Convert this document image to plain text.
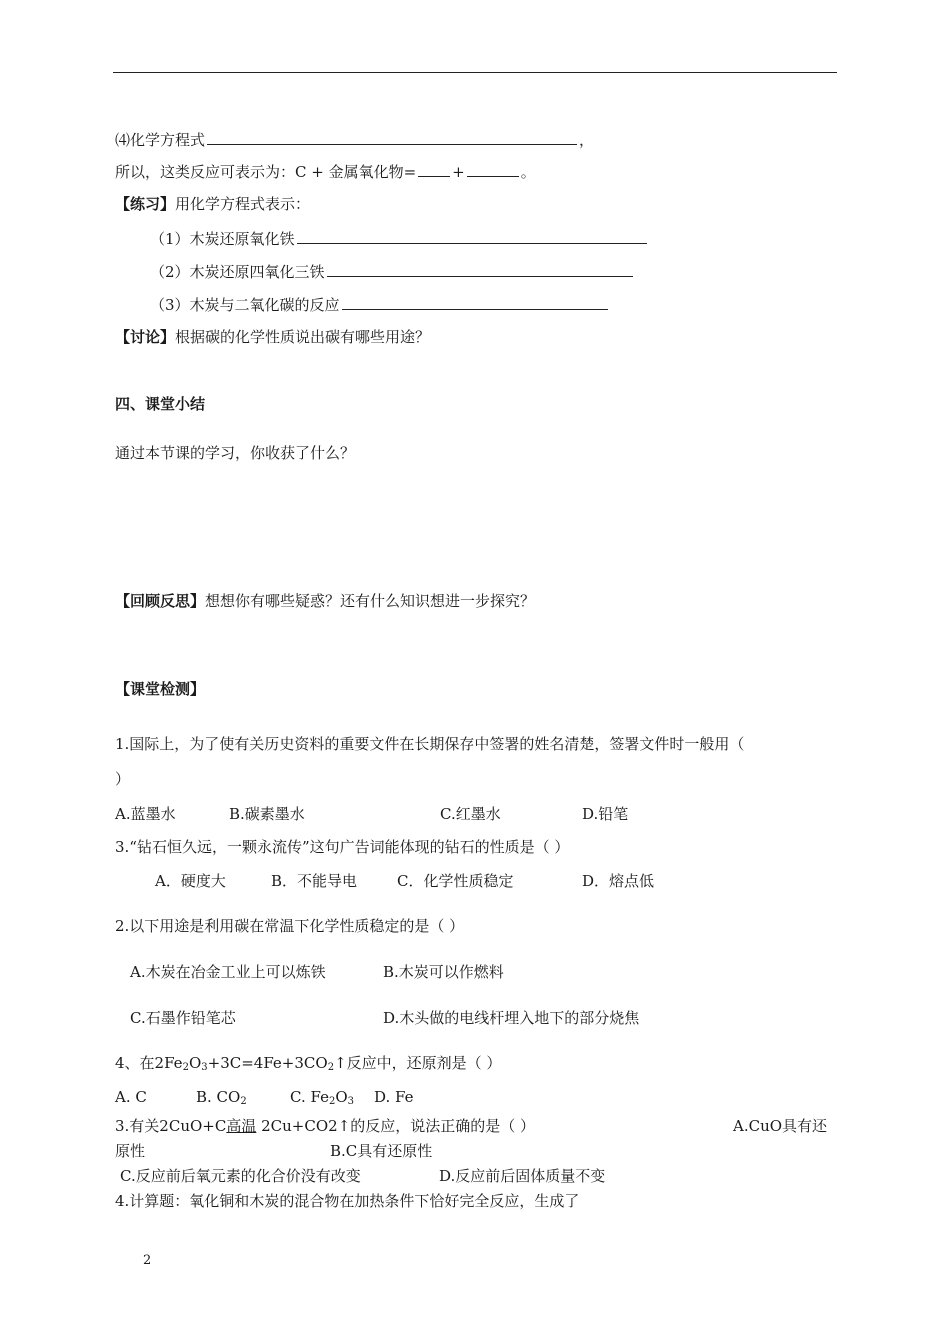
⑷化学方程式	，
所以，这类反应可表示为：C + 金属氧化物= +	。
【练习】用化学方程式表示：
（1）木炭还原氧化铁
（2）木炭还原四氧化三铁
（3）木炭与二氧化碳的反应
【讨论】根据碳的化学性质说出碳有哪些用途？
四、课堂小结
通过本节课的学习，你收获了什么？
【回顾反思】想想你有哪些疑惑？还有什么知识想进一步探究？
【课堂检测】
1.国际上，为了使有关历史资料的重要文件在长期保存中签署的姓名清楚，签署文件时一般用（
）
A.蓝墨水	B.碳素墨水	C.红墨水	D.铅笔
3.“钻石恒久远，一颗永流传”这句广告词能体现的钻石的性质是（ ）
A．硬度大	B．不能导电	C．化学性质稳定	D．熔点低
2.以下用途是利用碳在常温下化学性质稳定的是（ ）
A.木炭在冶金工业上可以炼铁	B.木炭可以作燃料
C.石墨作铅笔芯	D.木头做的电线杆埋入地下的部分烧焦
4、在$2Fe_2O_3+3C=4Fe+3CO_2↑$反应中，还原剂是（ ）
A. C	B. $CO_2$	C. $Fe_2O_3$ D. Fe
3.有关2CuO+C高温 2Cu+CO2↑的反应，说法正确的是（ ）	A.CuO具有还
原性	B.C具有还原性
C.反应前后氧元素的化合价没有改变	D.反应前后固体质量不变
4.计算题：氧化铜和木炭的混合物在加热条件下恰好完全反应，生成了
2
